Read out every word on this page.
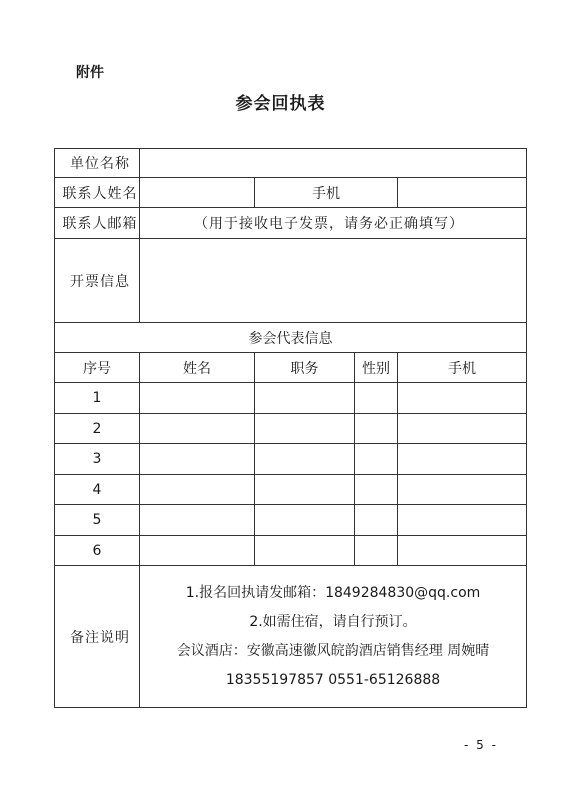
附件
参会回执表
单位名称				
联系人姓名		手机		
联系人邮箱	（用于接收电子发票，请务必正确填写）			
开票信息				
参会代表信息				
序号	姓名	职务	性别	手机
1				
2				
3				
4				
5				
6				
备注说明	1.报名回执请发邮箱：1849284830@qq.com
2.如需住宿，请自行预订。
会议酒店：安徽高速徽风皖韵酒店销售经理 周婉晴
18355197857 0551-65126888			
- 5 -
